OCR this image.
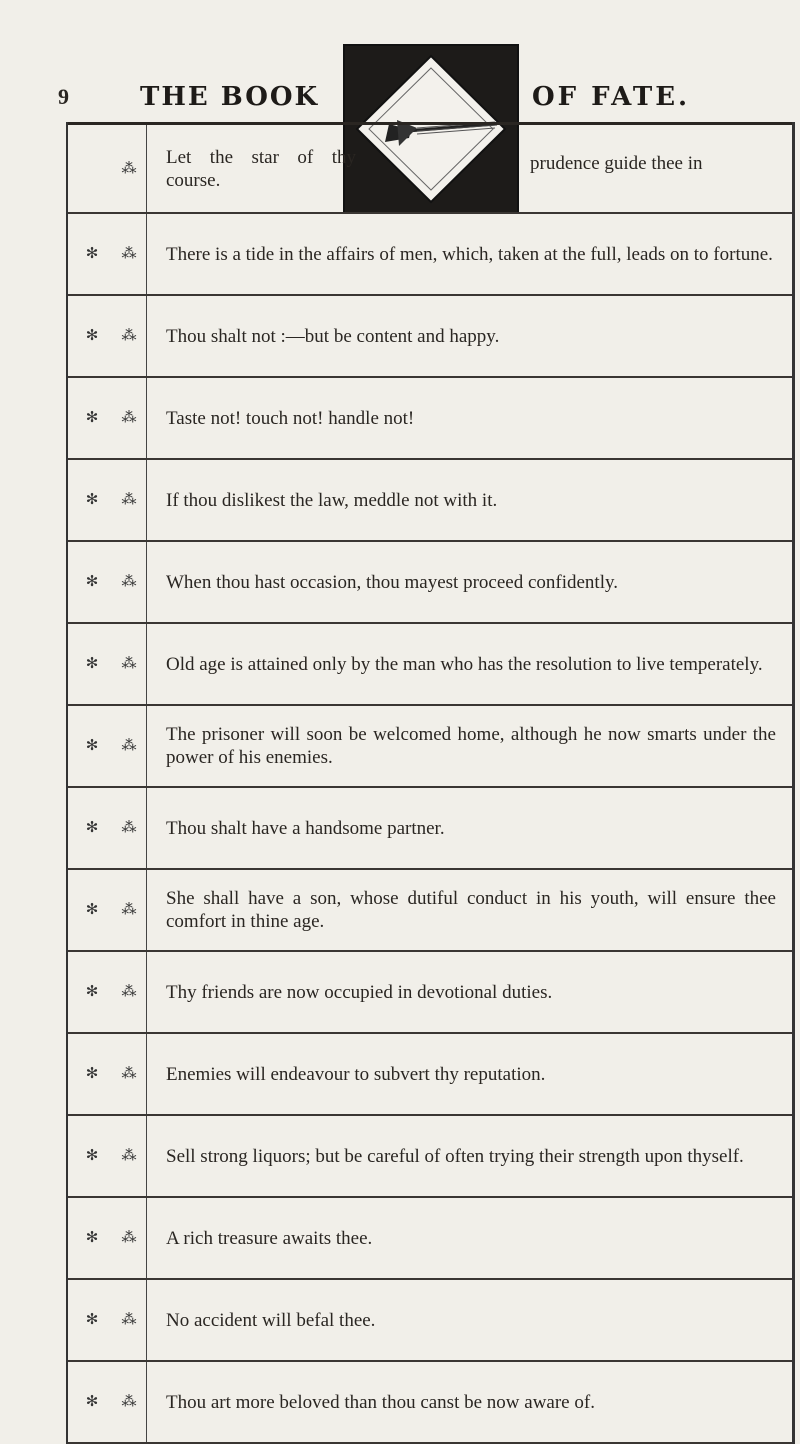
9	THE BOOK	OF FATE.
⁂
Let the star of thy course.
prudence guide thee in
✻ ⁂ There is a tide in the affairs of men, which, taken at the full, leads on to fortune.
✻ ⁂ Thou shalt not :—but be content and happy.
✻ ⁂ Taste not! touch not! handle not!
✻ ⁂ If thou dislikest the law, meddle not with it.
✻ ⁂ When thou hast occasion, thou mayest proceed confidently.
✻ ⁂ Old age is attained only by the man who has the resolution to live temperately.
✻ ⁂
The prisoner will soon be welcomed home, although he now smarts under the power of his enemies.
✻ ⁂ Thou shalt have a handsome partner.
✻ ⁂
She shall have a son, whose dutiful conduct in his youth, will ensure thee comfort in thine age.
✻ ⁂ Thy friends are now occupied in devotional duties.
✻ ⁂ Enemies will endeavour to subvert thy reputation.
✻ ⁂ Sell strong liquors; but be careful of often trying their strength upon thyself.
✻ ⁂ A rich treasure awaits thee.
✻ ⁂ No accident will befal thee.
✻ ⁂ Thou art more beloved than thou canst be now aware of.
